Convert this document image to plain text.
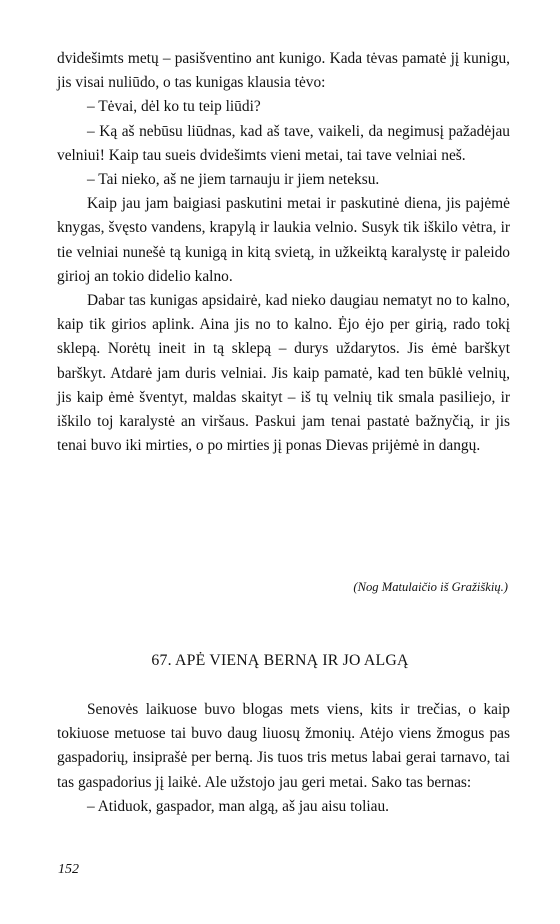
dvidešimts metų – pasišventino ant kunigo. Kada tėvas pamatė jį kunigu, jis visai nuliūdo, o tas kunigas klausia tėvo:

– Tėvai, dėl ko tu teip liūdi?

– Ką aš nebūsu liūdnas, kad aš tave, vaikeli, da negimusį pažadėjau velniui! Kaip tau sueis dvidešimts vieni metai, tai tave velniai neš.

– Tai nieko, aš ne jiem tarnauju ir jiem neteksu.

Kaip jau jam baigiasi paskutini metai ir paskutinė diena, jis pajėmė knygas, švęsto vandens, krapylą ir laukia velnio. Susyk tik iškilo vėtra, ir tie velniai nunešė tą kunigą in kitą svietą, in užkeiktą karalystę ir paleido girioj an tokio didelio kalno.

Dabar tas kunigas apsidairė, kad nieko daugiau nematyt no to kalno, kaip tik girios aplink. Aina jis no to kalno. Ėjo ėjo per girią, rado tokį sklepą. Norėtų ineit in tą sklepą – durys uždarytos. Jis ėmė barškyt barškyt. Atdarė jam duris velniai. Jis kaip pamatė, kad ten būklė velnių, jis kaip ėmė šventyt, maldas skaityt – iš tų velnių tik smala pasiliejo, ir iškilo toj karalystė an viršaus. Paskui jam tenai pastatė bažnyčią, ir jis tenai buvo iki mirties, o po mirties jį ponas Dievas prijėmė in dangų.

(Nog Matulaičio iš Gražiškių.)
67. APĖ VIENĄ BERNĄ IR JO ALGĄ

Senovės laikuose buvo blogas mets viens, kits ir trečias, o kaip tokiuose metuose tai buvo daug liuosų žmonių. Atėjo viens žmogus pas gaspadorių, insiprašė per berną. Jis tuos tris metus labai gerai tarnavo, tai tas gaspadorius jį laikė. Ale užstojo jau geri metai. Sako tas bernas:

– Atiduok, gaspador, man algą, aš jau aisu toliau.

152
